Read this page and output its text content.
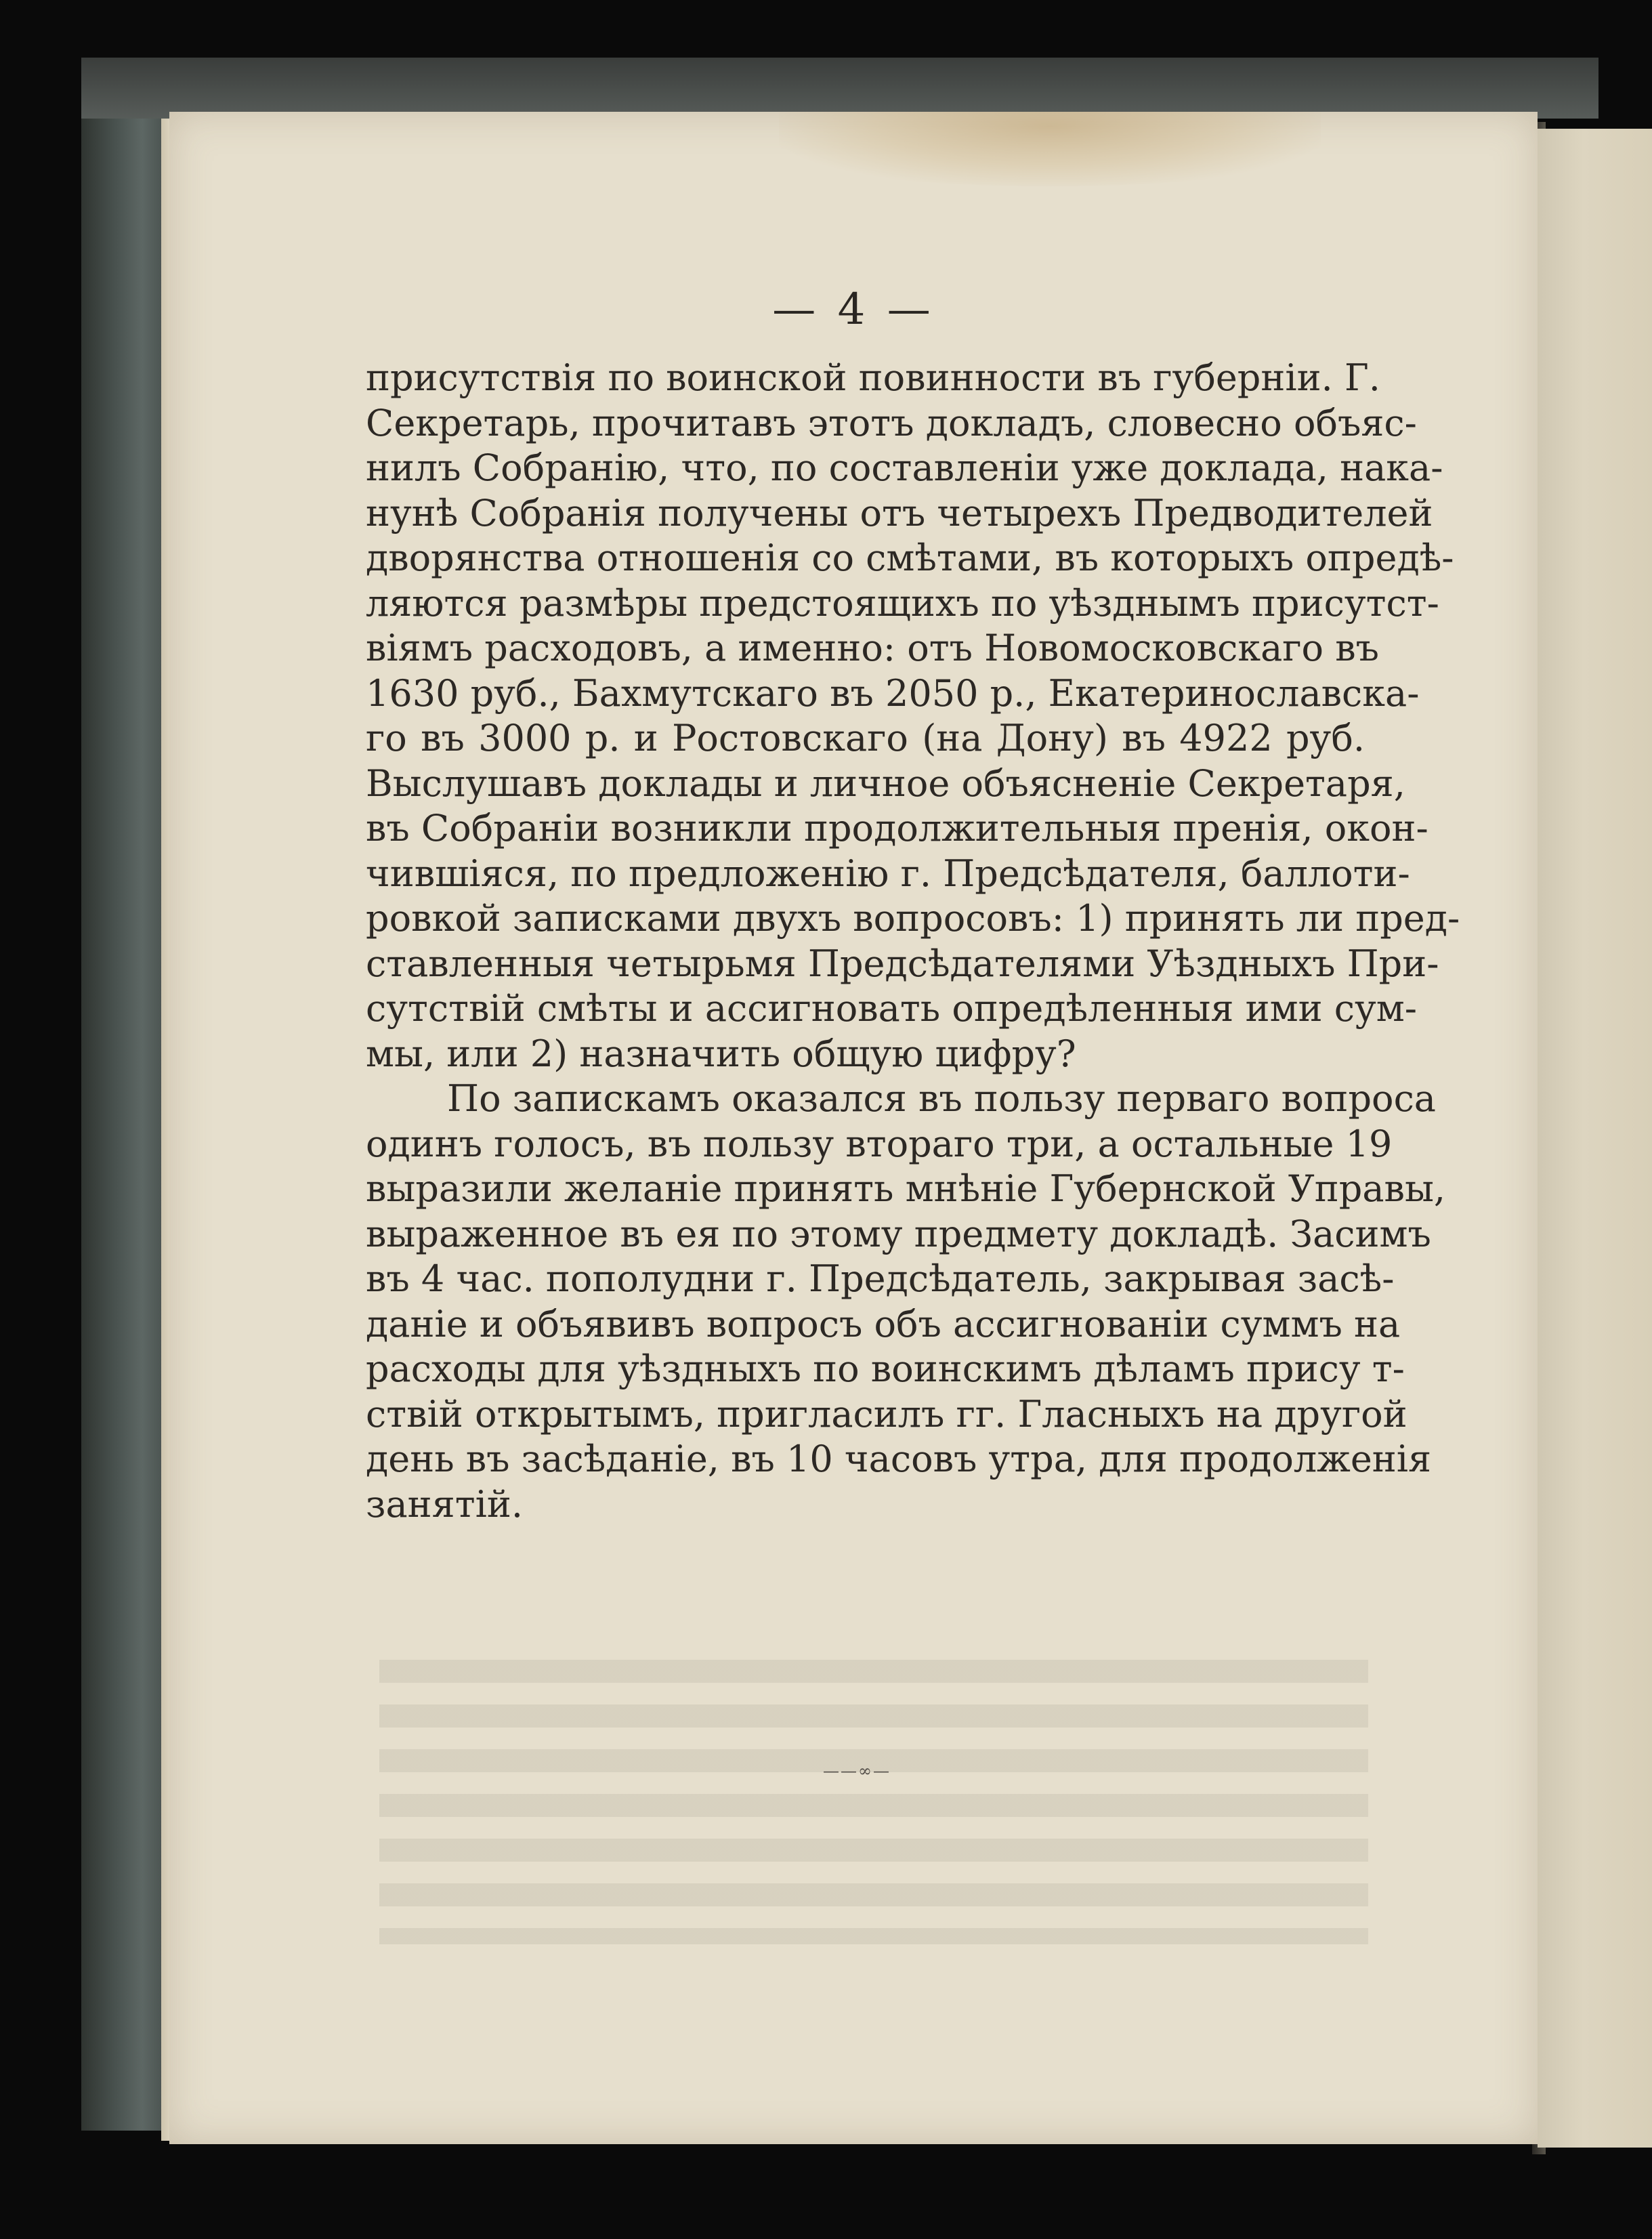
— 4 —
присутствія по воинской повинности въ губерніи. Г.
Секретарь, прочитавъ этотъ докладъ, словесно объяс-
нилъ Собранію, что, по составленіи уже доклада, нака-
нунѣ Собранія получены отъ четырехъ Предводителей
дворянства отношенія со смѣтами, въ которыхъ опредѣ-
ляются размѣры предстоящихъ по уѣзднымъ присутст-
віямъ расходовъ, а именно: отъ Новомосковскаго въ
1630 руб., Бахмутскаго въ 2050 р., Екатеринославска-
го въ 3000 р. и Ростовскаго (на Дону) въ 4922 руб.
Выслушавъ доклады и личное объясненіе Секретаря,
въ Собраніи возникли продолжительныя пренія, окон-
чившіяся, по предложенію г. Предсѣдателя, баллоти-
ровкой записками двухъ вопросовъ: 1) принять ли пред-
ставленныя четырьмя Предсѣдателями Уѣздныхъ При-
сутствій смѣты и ассигновать опредѣленныя ими сум-
мы, или 2) назначить общую цифру?
По запискамъ оказался въ пользу перваго вопроса
одинъ голосъ, въ пользу втораго три, а остальные 19
выразили желаніе принять мнѣніе Губернской Управы,
выраженное въ ея по этому предмету докладѣ. Засимъ
въ 4 час. пополудни г. Предсѣдатель, закрывая засѣ-
даніе и объявивъ вопросъ объ ассигнованіи суммъ на
расходы для уѣздныхъ по воинскимъ дѣламъ прису т-
ствій открытымъ, пригласилъ гг. Гласныхъ на другой
день въ засѣданіе, въ 10 часовъ утра, для продолженія
занятій.
——∞—
